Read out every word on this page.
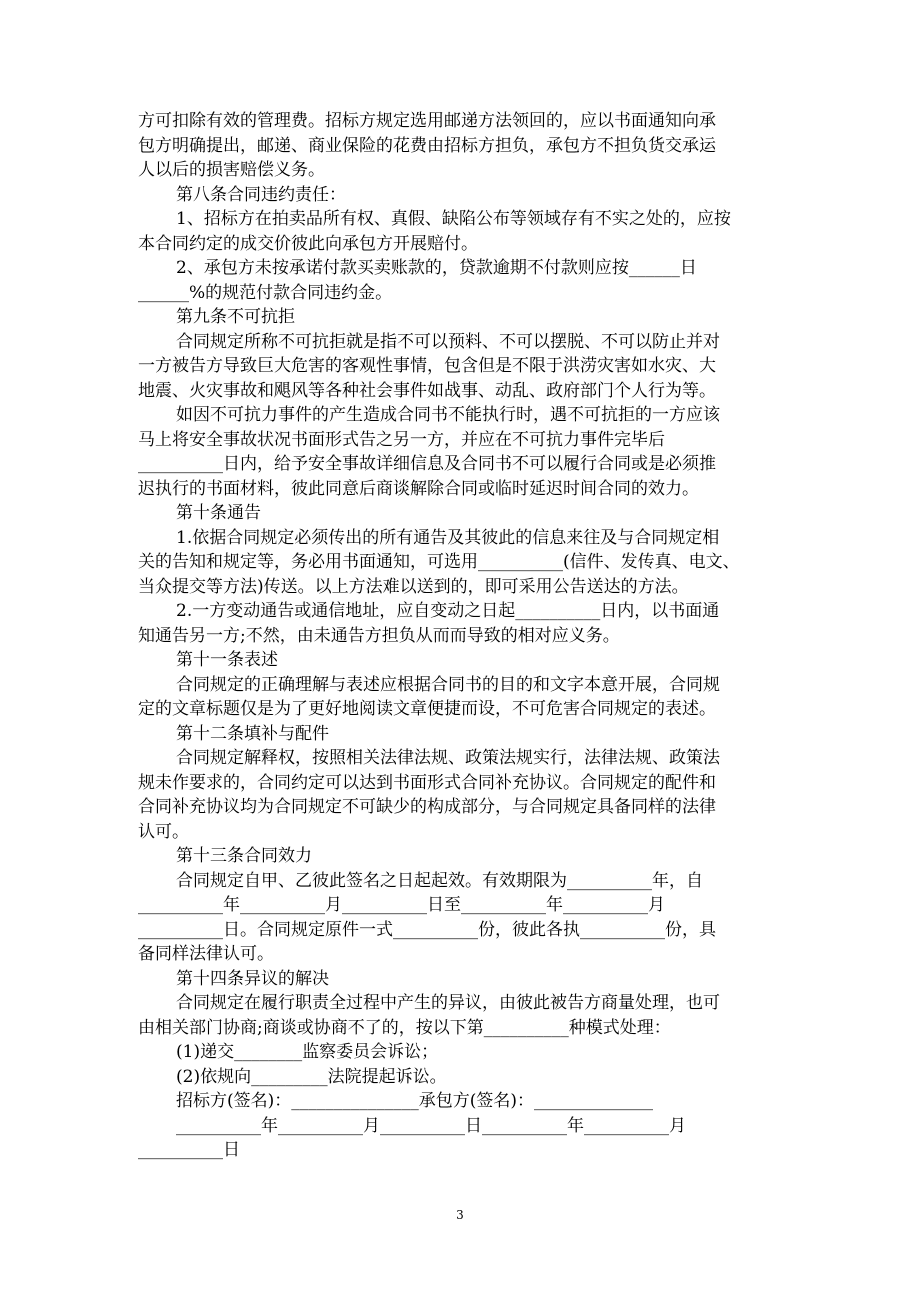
方可扣除有效的管理费。招标方规定选用邮递方法领回的，应以书面通知向承

包方明确提出，邮递、商业保险的花费由招标方担负，承包方不担负货交承运

人以后的损害赔偿义务。

第八条合同违约责任：

1、招标方在拍卖品所有权、真假、缺陷公布等领域存有不实之处的，应按

本合同约定的成交价彼此向承包方开展赔付。

2、承包方未按承诺付款买卖账款的，贷款逾期不付款则应按______日

______%的规范付款合同违约金。

第九条不可抗拒

合同规定所称不可抗拒就是指不可以预料、不可以摆脱、不可以防止并对

一方被告方导致巨大危害的客观性事情，包含但是不限于洪涝灾害如水灾、大

地震、火灾事故和飓风等各种社会事件如战事、动乱、政府部门个人行为等。

如因不可抗力事件的产生造成合同书不能执行时，遇不可抗拒的一方应该

马上将安全事故状况书面形式告之另一方，并应在不可抗力事件完毕后

__________日内，给予安全事故详细信息及合同书不可以履行合同或是必须推

迟执行的书面材料，彼此同意后商谈解除合同或临时延迟时间合同的效力。

第十条通告

1.依据合同规定必须传出的所有通告及其彼此的信息来往及与合同规定相

关的告知和规定等，务必用书面通知，可选用__________(信件、发传真、电文、

当众提交等方法)传送。以上方法难以送到的，即可采用公告送达的方法。

2.一方变动通告或通信地址，应自变动之日起__________日内，以书面通

知通告另一方;不然，由未通告方担负从而而导致的相对应义务。

第十一条表述

合同规定的正确理解与表述应根据合同书的目的和文字本意开展，合同规

定的文章标题仅是为了更好地阅读文章便捷而设，不可危害合同规定的表述。

第十二条填补与配件

合同规定解释权，按照相关法律法规、政策法规实行，法律法规、政策法

规未作要求的，合同约定可以达到书面形式合同补充协议。合同规定的配件和

合同补充协议均为合同规定不可缺少的构成部分，与合同规定具备同样的法律

认可。

第十三条合同效力

合同规定自甲、乙彼此签名之日起起效。有效期限为__________年，自

__________年__________月__________日至__________年__________月

__________日。合同规定原件一式__________份，彼此各执__________份，具

备同样法律认可。

第十四条异议的解决

合同规定在履行职责全过程中产生的异议，由彼此被告方商量处理，也可

由相关部门协商;商谈或协商不了的，按以下第__________种模式处理：

(1)递交________监察委员会诉讼；

(2)依规向_________法院提起诉讼。

招标方(签名)：_______________承包方(签名)：______________

__________年__________月__________日__________年__________月

__________日

3
